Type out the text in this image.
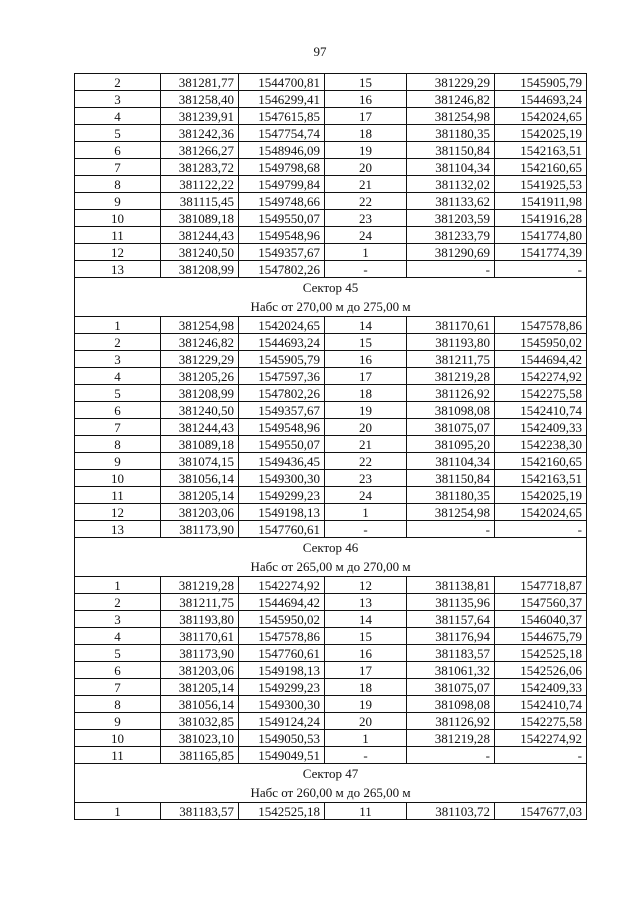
97
2	381281,77	1544700,81	15	381229,29	1545905,79
3	381258,40	1546299,41	16	381246,82	1544693,24
4	381239,91	1547615,85	17	381254,98	1542024,65
5	381242,36	1547754,74	18	381180,35	1542025,19
6	381266,27	1548946,09	19	381150,84	1542163,51
7	381283,72	1549798,68	20	381104,34	1542160,65
8	381122,22	1549799,84	21	381132,02	1541925,53
9	381115,45	1549748,66	22	381133,62	1541911,98
10	381089,18	1549550,07	23	381203,59	1541916,28
11	381244,43	1549548,96	24	381233,79	1541774,80
12	381240,50	1549357,67	1	381290,69	1541774,39
13	381208,99	1547802,26	-	-	-
Сектор 45					
Набс от 270,00 м до 275,00 м					
1	381254,98	1542024,65	14	381170,61	1547578,86
2	381246,82	1544693,24	15	381193,80	1545950,02
3	381229,29	1545905,79	16	381211,75	1544694,42
4	381205,26	1547597,36	17	381219,28	1542274,92
5	381208,99	1547802,26	18	381126,92	1542275,58
6	381240,50	1549357,67	19	381098,08	1542410,74
7	381244,43	1549548,96	20	381075,07	1542409,33
8	381089,18	1549550,07	21	381095,20	1542238,30
9	381074,15	1549436,45	22	381104,34	1542160,65
10	381056,14	1549300,30	23	381150,84	1542163,51
11	381205,14	1549299,23	24	381180,35	1542025,19
12	381203,06	1549198,13	1	381254,98	1542024,65
13	381173,90	1547760,61	-	-	-
Сектор 46					
Набс от 265,00 м до 270,00 м					
1	381219,28	1542274,92	12	381138,81	1547718,87
2	381211,75	1544694,42	13	381135,96	1547560,37
3	381193,80	1545950,02	14	381157,64	1546040,37
4	381170,61	1547578,86	15	381176,94	1544675,79
5	381173,90	1547760,61	16	381183,57	1542525,18
6	381203,06	1549198,13	17	381061,32	1542526,06
7	381205,14	1549299,23	18	381075,07	1542409,33
8	381056,14	1549300,30	19	381098,08	1542410,74
9	381032,85	1549124,24	20	381126,92	1542275,58
10	381023,10	1549050,53	1	381219,28	1542274,92
11	381165,85	1549049,51	-	-	-
Сектор 47					
Набс от 260,00 м до 265,00 м					
1	381183,57	1542525,18	11	381103,72	1547677,03
